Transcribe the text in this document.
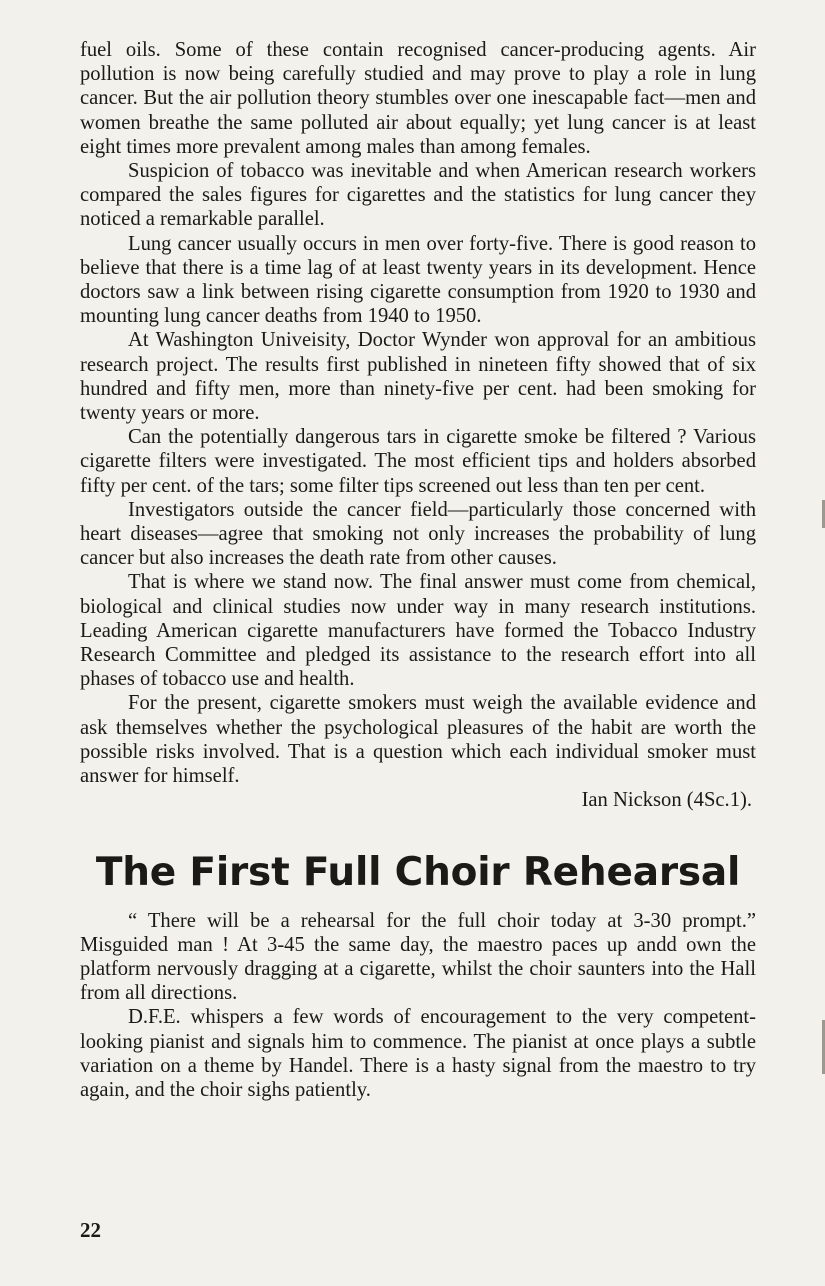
fuel oils. Some of these contain recognised cancer-producing agents. Air pollution is now being carefully studied and may prove to play a role in lung cancer. But the air pollution theory stumbles over one inescapable fact—men and women breathe the same polluted air about equally; yet lung cancer is at least eight times more prevalent among males than among females.

Suspicion of tobacco was inevitable and when American research workers compared the sales figures for cigarettes and the statistics for lung cancer they noticed a remarkable parallel.

Lung cancer usually occurs in men over forty-five. There is good reason to believe that there is a time lag of at least twenty years in its development. Hence doctors saw a link between rising cigarette consumption from 1920 to 1930 and mounting lung cancer deaths from 1940 to 1950.

At Washington Univeisity, Doctor Wynder won approval for an ambitious research project. The results first published in nineteen fifty showed that of six hundred and fifty men, more than ninety-five per cent. had been smoking for twenty years or more.

Can the potentially dangerous tars in cigarette smoke be filtered ? Various cigarette filters were investigated. The most efficient tips and holders absorbed fifty per cent. of the tars; some filter tips screened out less than ten per cent.

Investigators outside the cancer field—particularly those concerned with heart diseases—agree that smoking not only increases the probability of lung cancer but also increases the death rate from other causes.

That is where we stand now. The final answer must come from chemical, biological and clinical studies now under way in many research institutions. Leading American cigarette manufacturers have formed the Tobacco Industry Research Committee and pledged its assistance to the research effort into all phases of tobacco use and health.

For the present, cigarette smokers must weigh the available evidence and ask themselves whether the psychological pleasures of the habit are worth the possible risks involved. That is a question which each individual smoker must answer for himself.

Ian Nickson (4Sc.1).

The First Full Choir Rehearsal

“ There will be a rehearsal for the full choir today at 3-30 prompt.” Misguided man ! At 3-45 the same day, the maestro paces up andd own the platform nervously dragging at a cigarette, whilst the choir saunters into the Hall from all directions.

D.F.E. whispers a few words of encouragement to the very competent-looking pianist and signals him to commence. The pianist at once plays a subtle variation on a theme by Handel. There is a hasty signal from the maestro to try again, and the choir sighs patiently.

22
